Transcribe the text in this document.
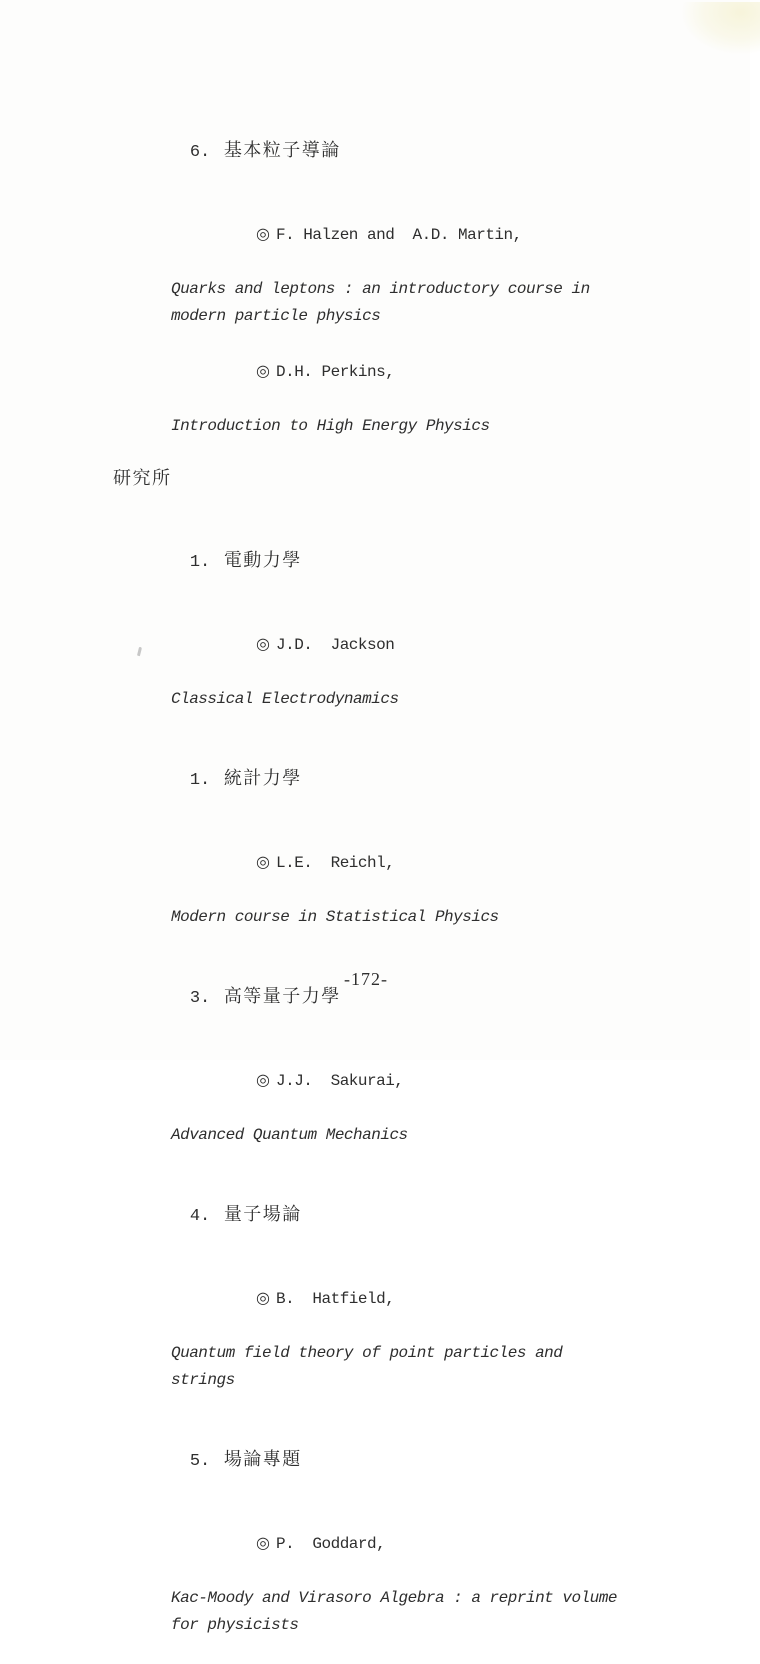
6. 基本粒子導論

◎ F. Halzen and  A.D. Martin,

Quarks and leptons : an introductory course in
modern particle physics

◎ D.H. Perkins,

Introduction to High Energy Physics
研究所

1. 電動力學

◎ J.D.  Jackson

Classical Electrodynamics

1. 統計力學

◎ L.E.  Reichl,

Modern course in Statistical Physics

3. 高等量子力學

◎ J.J.  Sakurai,

Advanced Quantum Mechanics

4. 量子場論

◎ B.  Hatfield,

Quantum field theory of point particles and
strings

5. 場論專題

◎ P.  Goddard,

Kac-Moody and Virasoro Algebra : a reprint volume
for physicists
-172-
